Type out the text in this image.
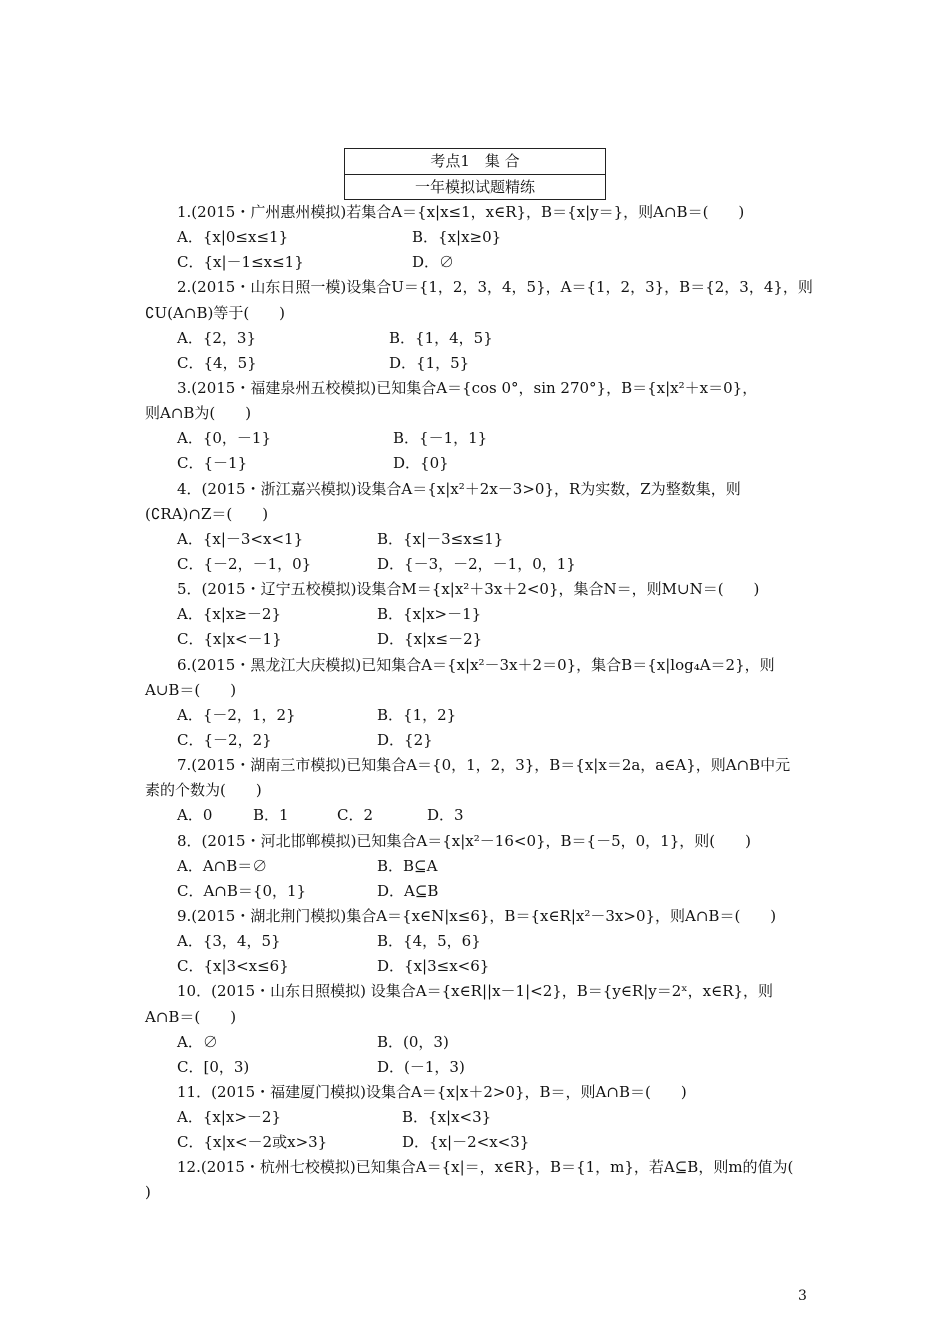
考点1　集 合
一年模拟试题精练
1.(2015・广州惠州模拟)若集合A＝{x|x≤1，x∈R}，B＝{x|y＝}，则A∩B＝(　　)
A．{x|0≤x≤1}	B．{x|x≥0}
C．{x|－1≤x≤1}	D．∅
2.(2015・山东日照一模)设集合U＝{1，2，3，4，5}，A＝{1，2，3}，B＝{2，3，4}，则
∁U(A∩B)等于(　　)
A．{2，3}	B．{1，4，5}
C．{4，5}	D．{1，5}
3.(2015・福建泉州五校模拟)已知集合A＝{cos 0°，sin 270°}，B＝{x|x²＋x＝0}，
则A∩B为(　　)
A．{0，－1}	B．{－1，1}
C．{－1}	D．{0}
4．(2015・浙江嘉兴模拟)设集合A＝{x|x²＋2x－3>0}，R为实数，Z为整数集，则
(∁RA)∩Z＝(　　)
A．{x|－3<x<1}	B．{x|－3≤x≤1}
C．{－2，－1，0}	D．{－3，－2，－1，0，1}
5．(2015・辽宁五校模拟)设集合M＝{x|x²＋3x＋2<0}，集合N＝，则M∪N＝(　　)
A．{x|x≥－2}	B．{x|x>－1}
C．{x|x<－1}	D．{x|x≤－2}
6.(2015・黑龙江大庆模拟)已知集合A＝{x|x²－3x＋2＝0}，集合B＝{x|log₄A＝2}，则
A∪B＝(　　)
A．{－2，1，2}	B．{1，2}
C．{－2，2}	D．{2}
7.(2015・湖南三市模拟)已知集合A＝{0，1，2，3}，B＝{x|x＝2a，a∈A}，则A∩B中元
素的个数为(　　)
A．0	B．1	C．2	D．3
8．(2015・河北邯郸模拟)已知集合A＝{x|x²－16<0}，B＝{－5，0，1}，则(　　)
A．A∩B＝∅	B．B⊆A
C．A∩B＝{0，1}	D．A⊆B
9.(2015・湖北荆门模拟)集合A＝{x∈N|x≤6}，B＝{x∈R|x²－3x>0}，则A∩B＝(　　)
A．{3，4，5}	B．{4，5，6}
C．{x|3<x≤6}	D．{x|3≤x<6}
10．(2015・山东日照模拟) 设集合A＝{x∈R||x－1|<2}，B＝{y∈R|y＝2ˣ，x∈R}，则
A∩B＝(　　)
A．∅	B．(0，3)
C．[0，3)	D．(－1，3)
11．(2015・福建厦门模拟)设集合A＝{x|x＋2>0}，B＝，则A∩B＝(　　)
A．{x|x>－2}	B．{x|x<3}
C．{x|x<－2或x>3}	D．{x|－2<x<3}
12.(2015・杭州七校模拟)已知集合A＝{x|＝，x∈R}，B＝{1，m}，若A⊆B，则m的值为(
)
3
